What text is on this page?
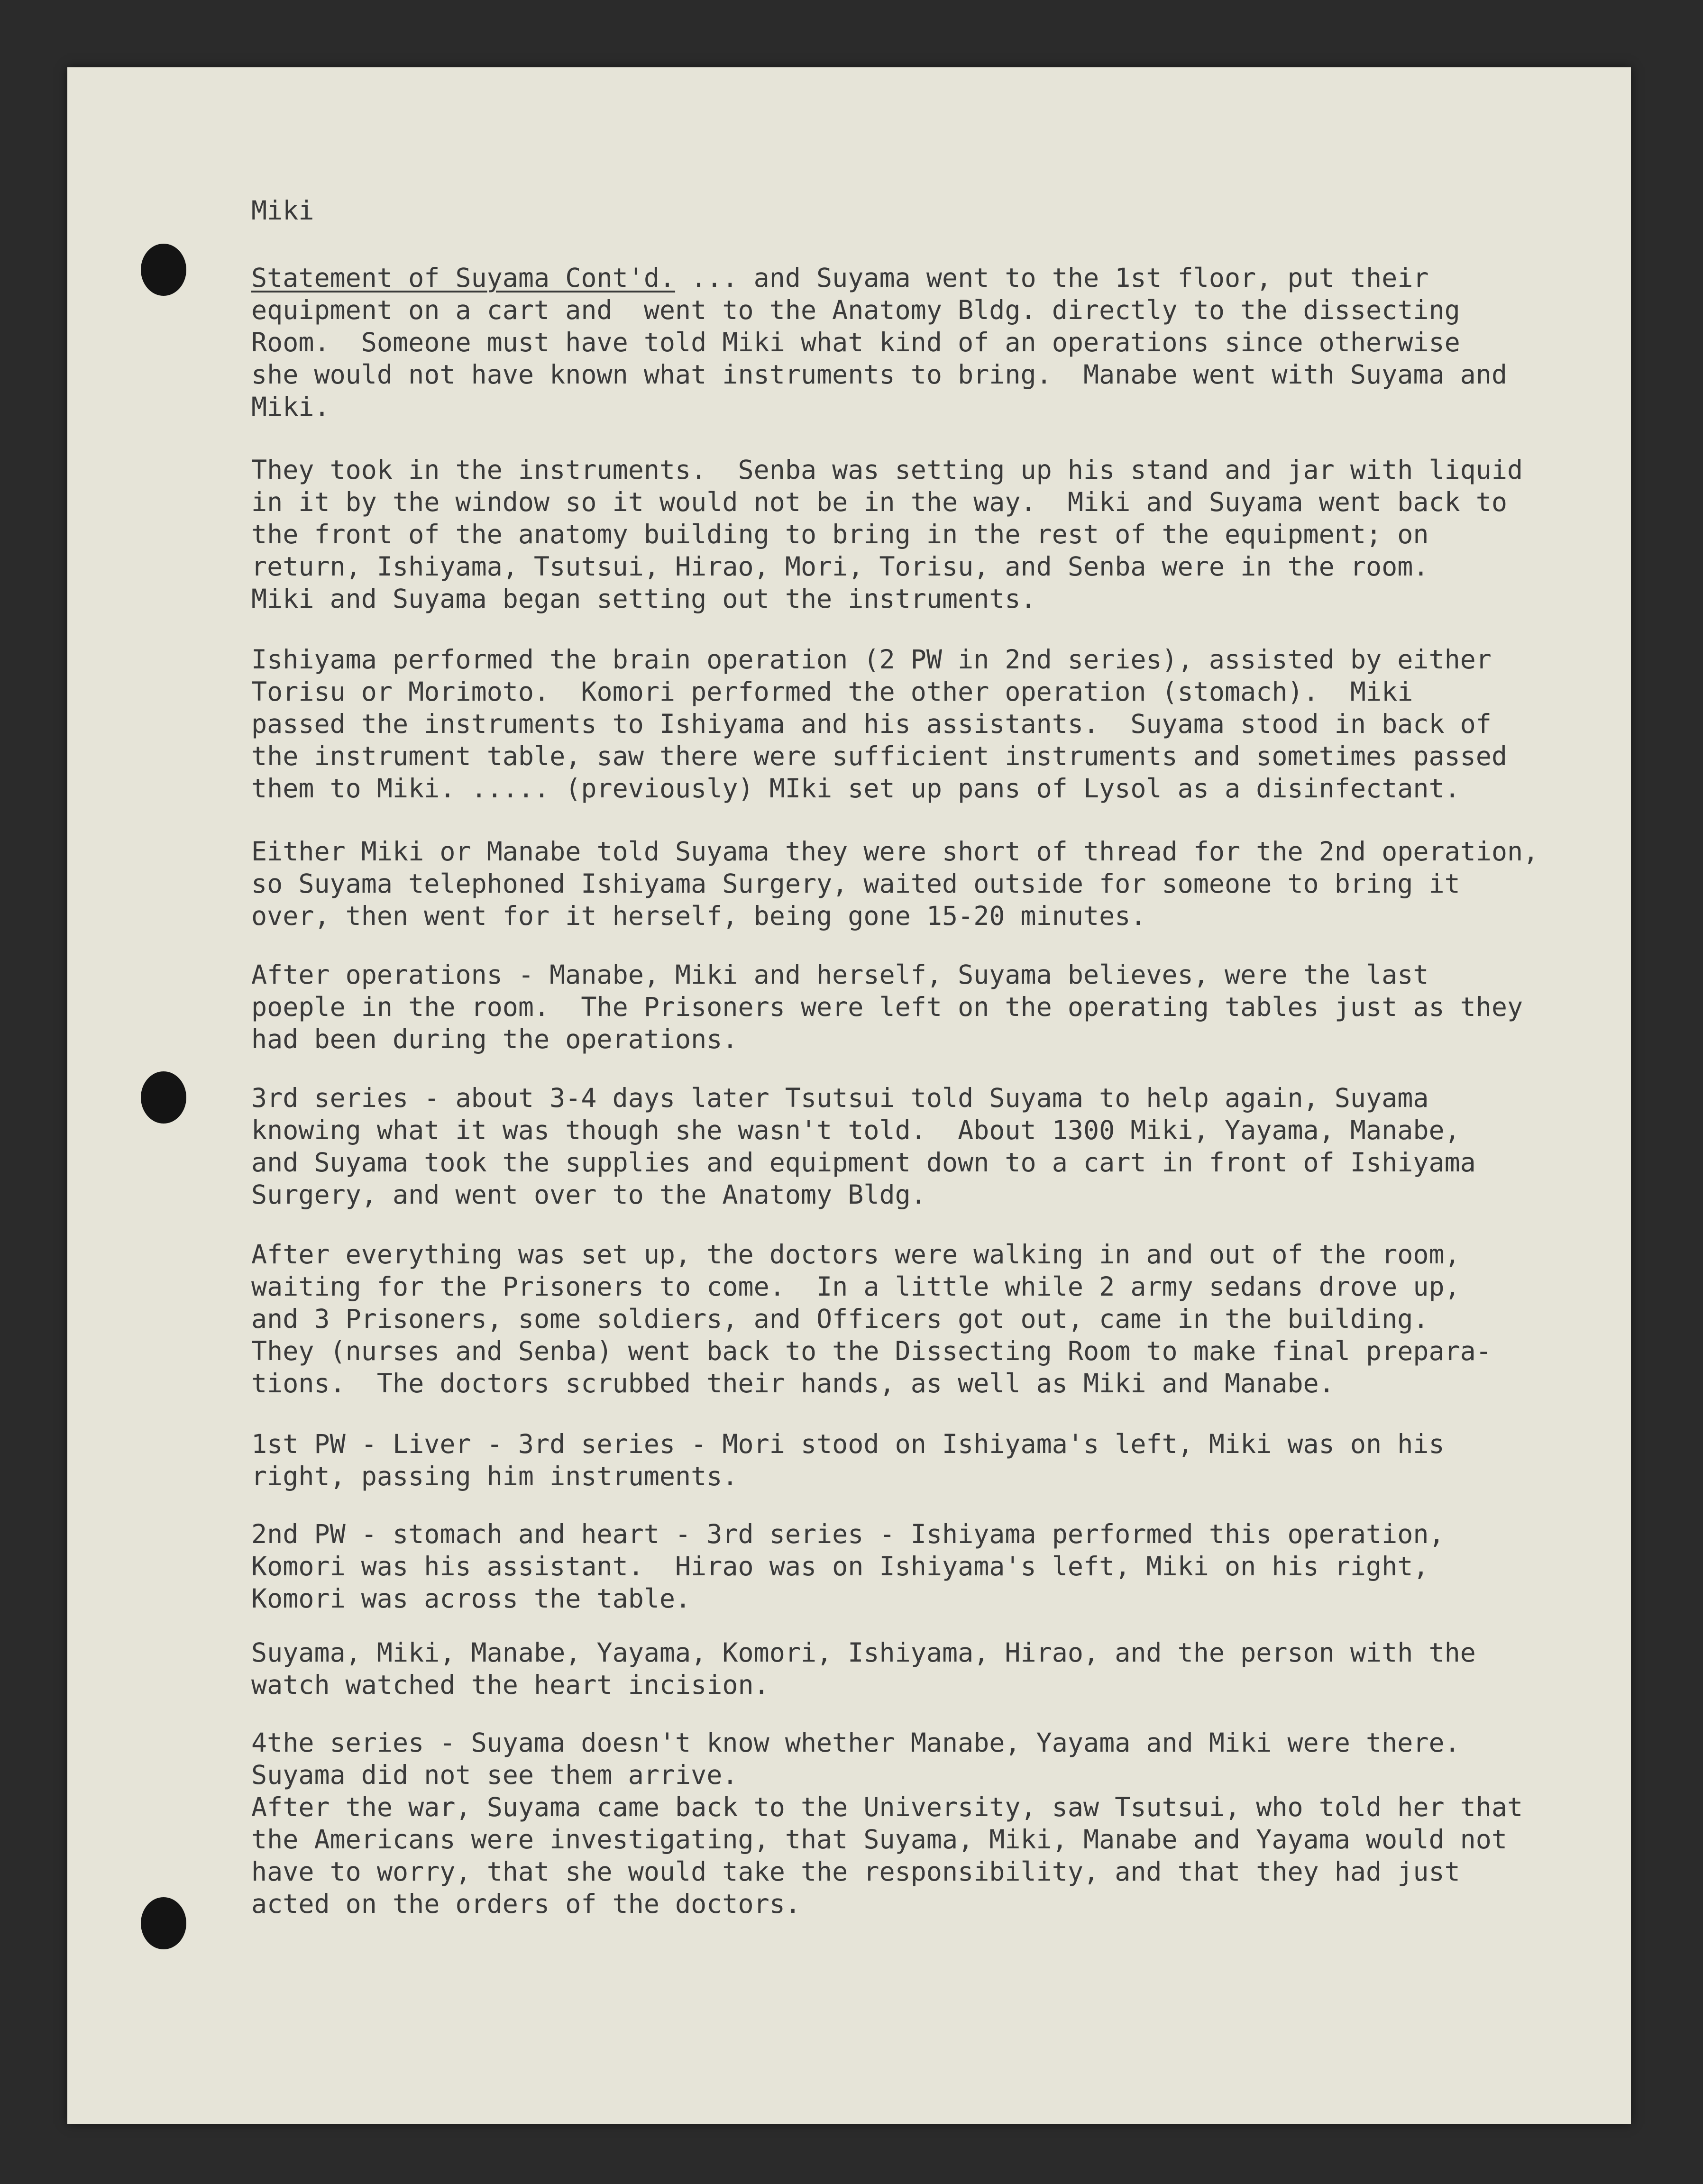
Miki
Statement of Suyama Cont'd. ... and Suyama went to the 1st floor, put their
equipment on a cart and  went to the Anatomy Bldg. directly to the dissecting
Room.  Someone must have told Miki what kind of an operations since otherwise
she would not have known what instruments to bring.  Manabe went with Suyama and
Miki.
They took in the instruments.  Senba was setting up his stand and jar with liquid
in it by the window so it would not be in the way.  Miki and Suyama went back to
the front of the anatomy building to bring in the rest of the equipment; on
return, Ishiyama, Tsutsui, Hirao, Mori, Torisu, and Senba were in the room.
Miki and Suyama began setting out the instruments.
Ishiyama performed the brain operation (2 PW in 2nd series), assisted by either
Torisu or Morimoto.  Komori performed the other operation (stomach).  Miki
passed the instruments to Ishiyama and his assistants.  Suyama stood in back of
the instrument table, saw there were sufficient instruments and sometimes passed
them to Miki. ..... (previously) MIki set up pans of Lysol as a disinfectant.
Either Miki or Manabe told Suyama they were short of thread for the 2nd operation,
so Suyama telephoned Ishiyama Surgery, waited outside for someone to bring it
over, then went for it herself, being gone 15-20 minutes.
After operations - Manabe, Miki and herself, Suyama believes, were the last
poeple in the room.  The Prisoners were left on the operating tables just as they
had been during the operations.
3rd series - about 3-4 days later Tsutsui told Suyama to help again, Suyama
knowing what it was though she wasn't told.  About 1300 Miki, Yayama, Manabe,
and Suyama took the supplies and equipment down to a cart in front of Ishiyama
Surgery, and went over to the Anatomy Bldg.
After everything was set up, the doctors were walking in and out of the room,
waiting for the Prisoners to come.  In a little while 2 army sedans drove up,
and 3 Prisoners, some soldiers, and Officers got out, came in the building.
They (nurses and Senba) went back to the Dissecting Room to make final prepara-
tions.  The doctors scrubbed their hands, as well as Miki and Manabe.
1st PW - Liver - 3rd series - Mori stood on Ishiyama's left, Miki was on his
right, passing him instruments.
2nd PW - stomach and heart - 3rd series - Ishiyama performed this operation,
Komori was his assistant.  Hirao was on Ishiyama's left, Miki on his right,
Komori was across the table.
Suyama, Miki, Manabe, Yayama, Komori, Ishiyama, Hirao, and the person with the
watch watched the heart incision.
4the series - Suyama doesn't know whether Manabe, Yayama and Miki were there.
Suyama did not see them arrive.
After the war, Suyama came back to the University, saw Tsutsui, who told her that
the Americans were investigating, that Suyama, Miki, Manabe and Yayama would not
have to worry, that she would take the responsibility, and that they had just
acted on the orders of the doctors.
